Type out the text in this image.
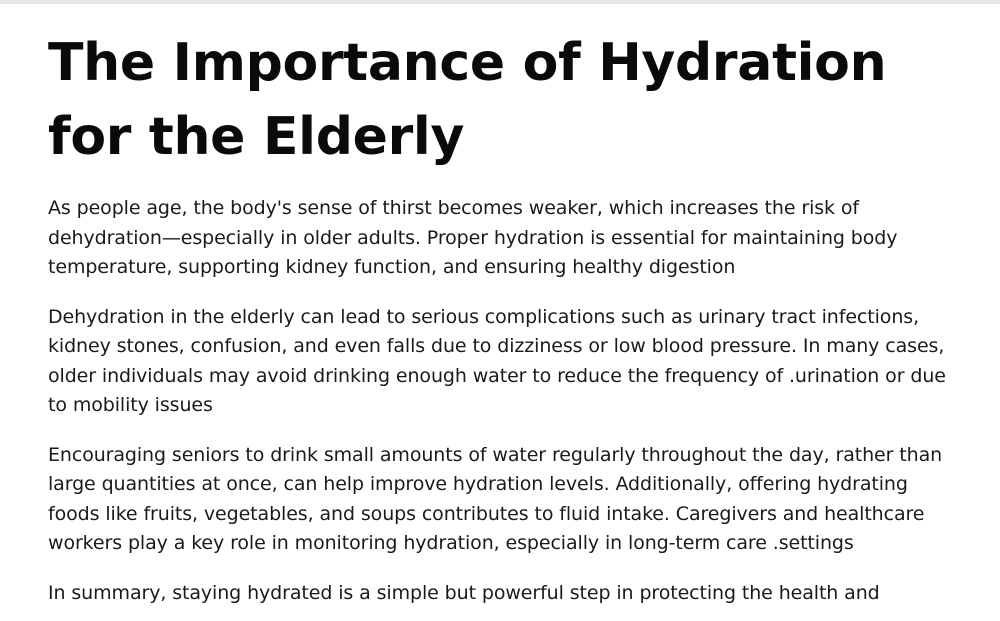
The Importance of Hydration for the Elderly

As people age, the body's sense of thirst becomes weaker, which increases the risk of dehydration—especially in older adults. Proper hydration is essential for maintaining body temperature, supporting kidney function, and ensuring healthy digestion

Dehydration in the elderly can lead to serious complications such as urinary tract infections, kidney stones, confusion, and even falls due to dizziness or low blood pressure. In many cases, older individuals may avoid drinking enough water to reduce the frequency of .urination or due to mobility issues

Encouraging seniors to drink small amounts of water regularly throughout the day, rather than large quantities at once, can help improve hydration levels. Additionally, offering hydrating foods like fruits, vegetables, and soups contributes to fluid intake. Caregivers and healthcare workers play a key role in monitoring hydration, especially in long-term care .settings

In summary, staying hydrated is a simple but powerful step in protecting the health and
